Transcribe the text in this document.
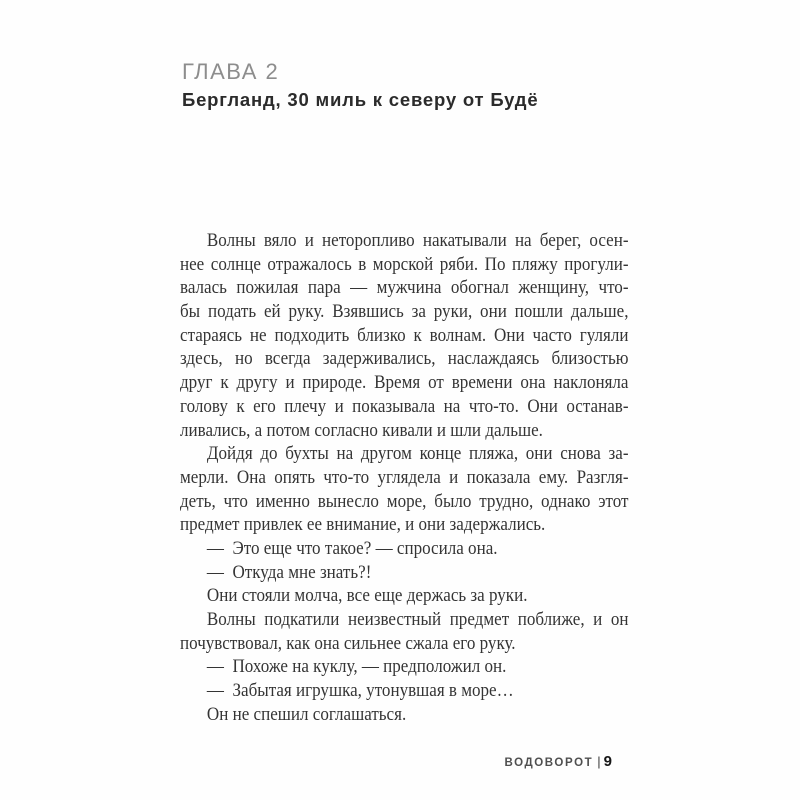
ГЛАВА 2
Бергланд, 30 миль к северу от Будё
Волны вяло и неторопливо накатывали на берег, осен-
нее солнце отражалось в морской ряби. По пляжу прогули-
валась пожилая пара — мужчина обогнал женщину, что-
бы подать ей руку. Взявшись за руки, они пошли дальше,
стараясь не подходить близко к волнам. Они часто гуляли
здесь, но всегда задерживались, наслаждаясь близостью
друг к другу и природе. Время от времени она наклоняла
голову к его плечу и показывала на что-то. Они останав-
ливались, а потом согласно кивали и шли дальше.
Дойдя до бухты на другом конце пляжа, они снова за-
мерли. Она опять что-то углядела и показала ему. Разгля-
деть, что именно вынесло море, было трудно, однако этот
предмет привлек ее внимание, и они задержались.
— Это еще что такое? — спросила она.
— Откуда мне знать?!
Они стояли молча, все еще держась за руки.
Волны подкатили неизвестный предмет поближе, и он
почувствовал, как она сильнее сжала его руку.
— Похоже на куклу, — предположил он.
— Забытая игрушка, утонувшая в море…
Он не спешил соглашаться.
ВОДОВОРОТ | 9
